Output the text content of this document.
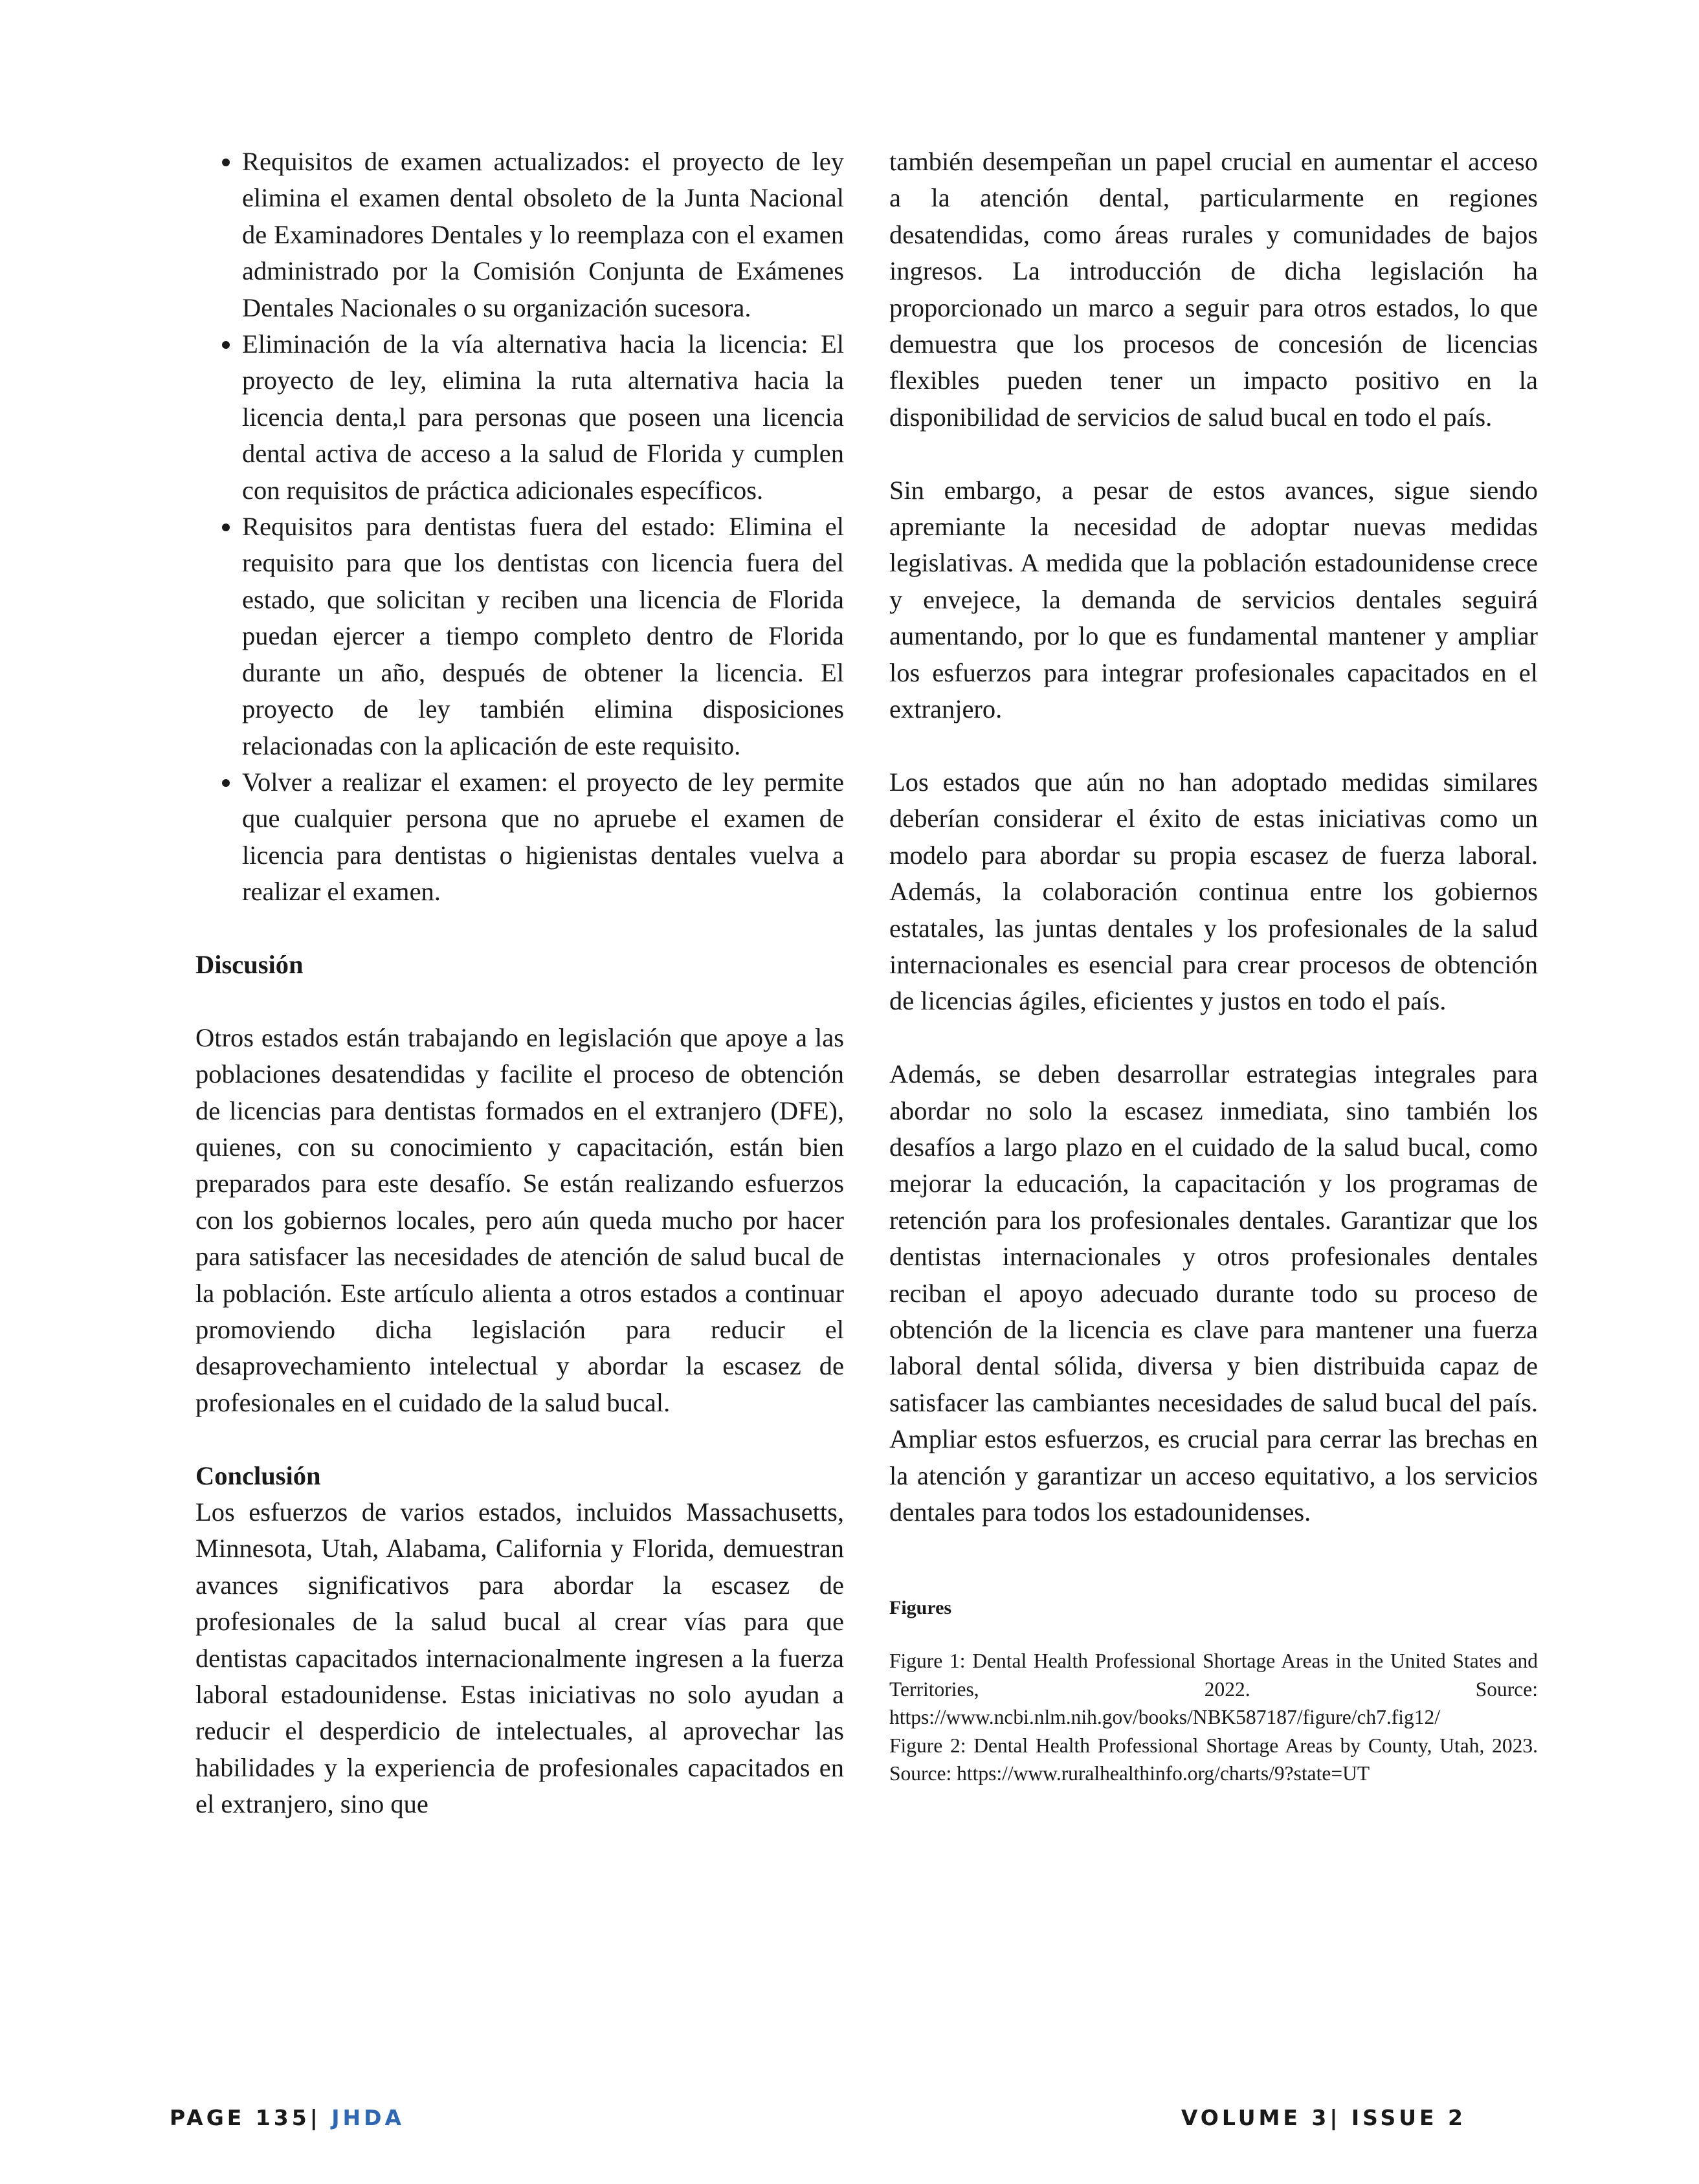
• Requisitos de examen actualizados: el proyecto de ley elimina el examen dental obsoleto de la Junta Nacional de Examinadores Dentales y lo reemplaza con el examen administrado por la Comisión Conjunta de Exámenes Dentales Nacionales o su organización sucesora.
• Eliminación de la vía alternativa hacia la licencia: El proyecto de ley, elimina la ruta alternativa hacia la licencia denta,l para personas que poseen una licencia dental activa de acceso a la salud de Florida y cumplen con requisitos de práctica adicionales específicos.
• Requisitos para dentistas fuera del estado: Elimina el requisito para que los dentistas con licencia fuera del estado, que solicitan y reciben una licencia de Florida puedan ejercer a tiempo completo dentro de Florida durante un año, después de obtener la licencia. El proyecto de ley también elimina disposiciones relacionadas con la aplicación de este requisito.
• Volver a realizar el examen: el proyecto de ley permite que cualquier persona que no apruebe el examen de licencia para dentistas o higienistas dentales vuelva a realizar el examen.
Discusión

Otros estados están trabajando en legislación que apoye a las poblaciones desatendidas y facilite el proceso de obtención de licencias para dentistas formados en el extranjero (DFE), quienes, con su conocimiento y capacitación, están bien preparados para este desafío. Se están realizando esfuerzos con los gobiernos locales, pero aún queda mucho por hacer para satisfacer las necesidades de atención de salud bucal de la población. Este artículo alienta a otros estados a continuar promoviendo dicha legislación para reducir el desaprovechamiento intelectual y abordar la escasez de profesionales en el cuidado de la salud bucal.

Conclusión

Los esfuerzos de varios estados, incluidos Massachusetts, Minnesota, Utah, Alabama, California y Florida, demuestran avances significativos para abordar la escasez de profesionales de la salud bucal al crear vías para que dentistas capacitados internacionalmente ingresen a la fuerza laboral estadounidense. Estas iniciativas no solo ayudan a reducir el desperdicio de intelectuales, al aprovechar las habilidades y la experiencia de profesionales capacitados en el extranjero, sino que

también desempeñan un papel crucial en aumentar el acceso a la atención dental, particularmente en regiones desatendidas, como áreas rurales y comunidades de bajos ingresos. La introducción de dicha legislación ha proporcionado un marco a seguir para otros estados, lo que demuestra que los procesos de concesión de licencias flexibles pueden tener un impacto positivo en la disponibilidad de servicios de salud bucal en todo el país.

Sin embargo, a pesar de estos avances, sigue siendo apremiante la necesidad de adoptar nuevas medidas legislativas. A medida que la población estadounidense crece y envejece, la demanda de servicios dentales seguirá aumentando, por lo que es fundamental mantener y ampliar los esfuerzos para integrar profesionales capacitados en el extranjero.

Los estados que aún no han adoptado medidas similares deberían considerar el éxito de estas iniciativas como un modelo para abordar su propia escasez de fuerza laboral. Además, la colaboración continua entre los gobiernos estatales, las juntas dentales y los profesionales de la salud internacionales es esencial para crear procesos de obtención de licencias ágiles, eficientes y justos en todo el país.

Además, se deben desarrollar estrategias integrales para abordar no solo la escasez inmediata, sino también los desafíos a largo plazo en el cuidado de la salud bucal, como mejorar la educación, la capacitación y los programas de retención para los profesionales dentales. Garantizar que los dentistas internacionales y otros profesionales dentales reciban el apoyo adecuado durante todo su proceso de obtención de la licencia es clave para mantener una fuerza laboral dental sólida, diversa y bien distribuida capaz de satisfacer las cambiantes necesidades de salud bucal del país. Ampliar estos esfuerzos, es crucial para cerrar las brechas en la atención y garantizar un acceso equitativo, a los servicios dentales para todos los estadounidenses.

Figures

Figure 1: Dental Health Professional Shortage Areas in the United States and Territories, 2022. Source: https://www.ncbi.nlm.nih.gov/books/NBK587187/figure/ch7.fig12/

Figure 2: Dental Health Professional Shortage Areas by County, Utah, 2023. Source: https://www.ruralhealthinfo.org/charts/9?state=UT

PAGE 135| JHDA	VOLUME 3| ISSUE 2
